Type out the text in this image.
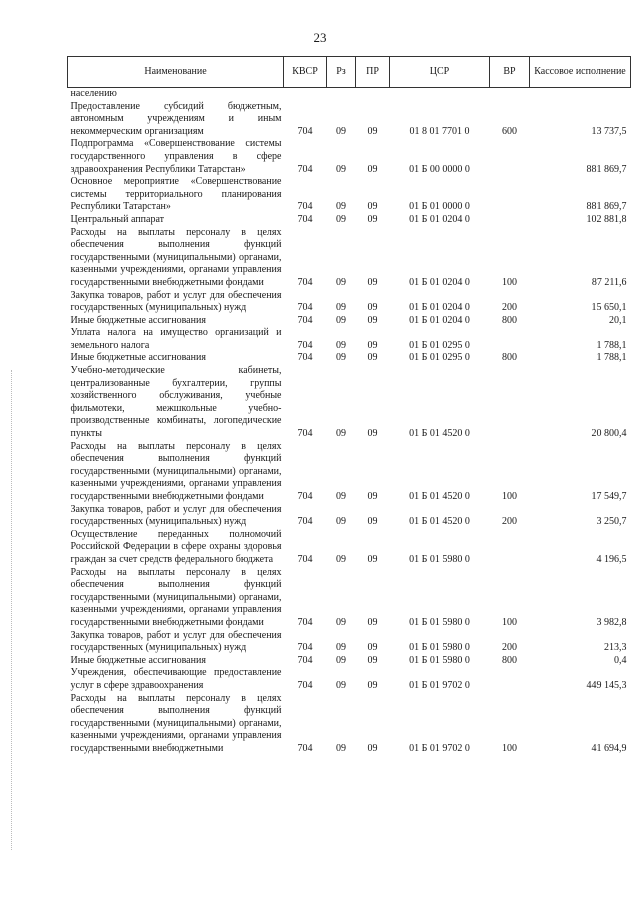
23
Наименование	КВСР	Рз	ПР	ЦСР	ВР	Кассовое исполнение
населению						
Предоставление субсидий бюджетным, автономным учреждениям и иным некоммерческим организациям	704	09	09	01 8 01 7701 0	600	13 737,5
Подпрограмма «Совершенствование системы государственного управления в сфере здравоохранения Республики Татарстан»	704	09	09	01 Б 00 0000 0		881 869,7
Основное мероприятие «Совершенствование системы территориального планирования Республики Татарстан»	704	09	09	01 Б 01 0000 0		881 869,7
Центральный аппарат	704	09	09	01 Б 01 0204 0		102 881,8
Расходы на выплаты персоналу в целях обеспечения выполнения функций государственными (муниципальными) органами, казенными учреждениями, органами управления государственными внебюджетными фондами	704	09	09	01 Б 01 0204 0	100	87 211,6
Закупка товаров, работ и услуг для обеспечения государственных (муниципальных) нужд	704	09	09	01 Б 01 0204 0	200	15 650,1
Иные бюджетные ассигнования	704	09	09	01 Б 01 0204 0	800	20,1
Уплата налога на имущество организаций и земельного налога	704	09	09	01 Б 01 0295 0		1 788,1
Иные бюджетные ассигнования	704	09	09	01 Б 01 0295 0	800	1 788,1
Учебно-методические кабинеты, централизованные бухгалтерии, группы хозяйственного обслуживания, учебные фильмотеки, межшкольные учебно-производственные комбинаты, логопедические пункты	704	09	09	01 Б 01 4520 0		20 800,4
Расходы на выплаты персоналу в целях обеспечения выполнения функций государственными (муниципальными) органами, казенными учреждениями, органами управления государственными внебюджетными фондами	704	09	09	01 Б 01 4520 0	100	17 549,7
Закупка товаров, работ и услуг для обеспечения государственных (муниципальных) нужд	704	09	09	01 Б 01 4520 0	200	3 250,7
Осуществление переданных полномочий Российской Федерации в сфере охраны здоровья граждан за счет средств федерального бюджета	704	09	09	01 Б 01 5980 0		4 196,5
Расходы на выплаты персоналу в целях обеспечения выполнения функций государственными (муниципальными) органами, казенными учреждениями, органами управления государственными внебюджетными фондами	704	09	09	01 Б 01 5980 0	100	3 982,8
Закупка товаров, работ и услуг для обеспечения государственных (муниципальных) нужд	704	09	09	01 Б 01 5980 0	200	213,3
Иные бюджетные ассигнования	704	09	09	01 Б 01 5980 0	800	0,4
Учреждения, обеспечивающие предоставление услуг в сфере здравоохранения	704	09	09	01 Б 01 9702 0		449 145,3
Расходы на выплаты персоналу в целях обеспечения выполнения функций государственными (муниципальными) органами, казенными учреждениями, органами управления государственными внебюджетными	704	09	09	01 Б 01 9702 0	100	41 694,9
